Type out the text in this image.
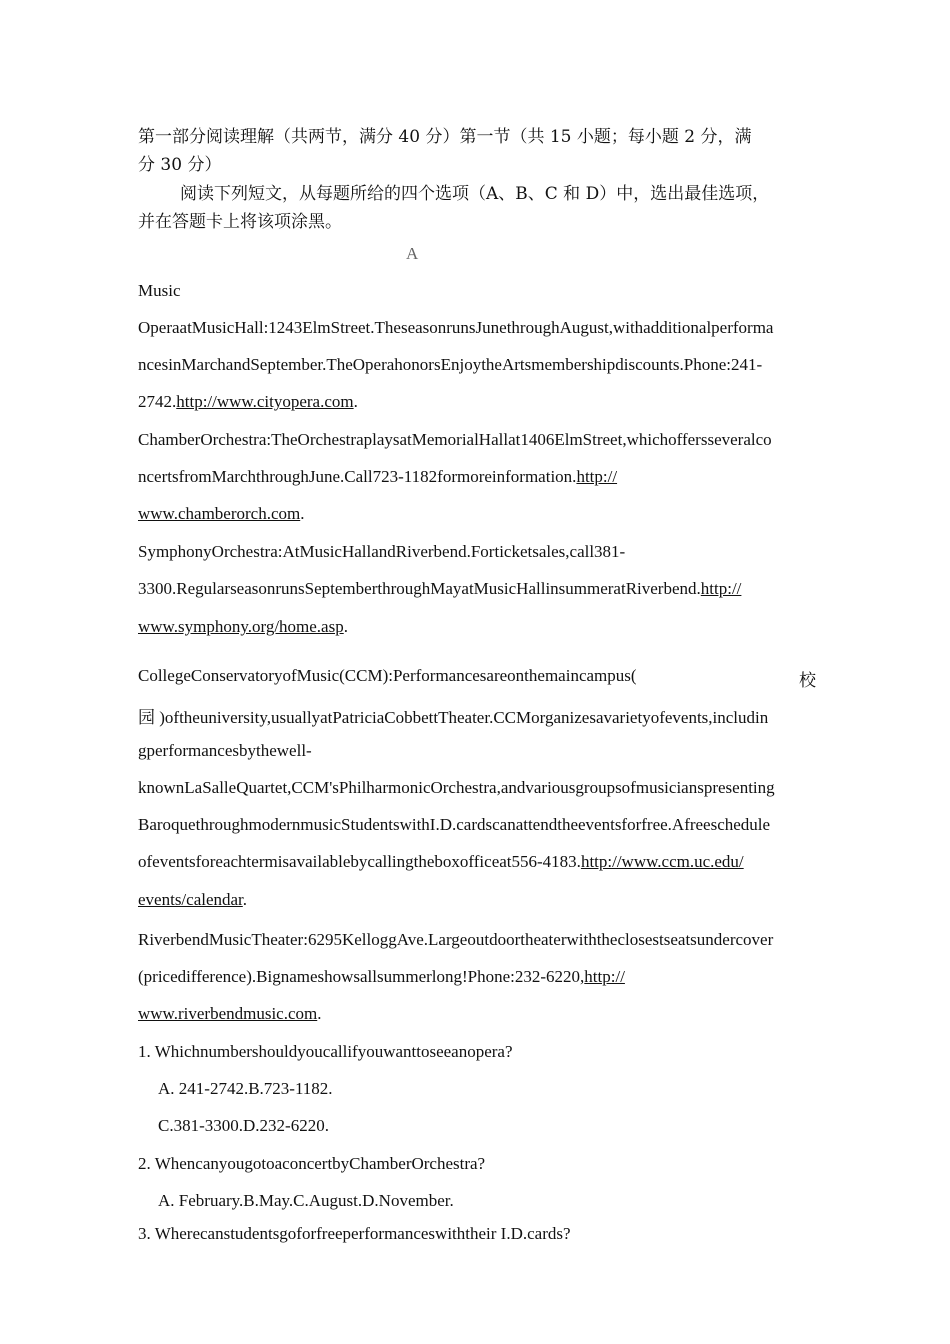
第一部分阅读理解（共两节，满分 40 分）第一节（共 15 小题；每小题 2 分，满
分 30 分）
阅读下列短文，从每题所给的四个选项（A、B、C 和 D）中，选出最佳选项，
并在答题卡上将该项涂黑。
A
Music
OperaatMusicHall:1243ElmStreet.TheseasonrunsJunethroughAugust,withadditionalperforma
ncesinMarchandSeptember.TheOperahonorsEnjoytheArtsmembershipdiscounts.Phone:241-
2742.http://www.cityopera.com.
ChamberOrchestra:TheOrchestraplaysatMemorialHallat1406ElmStreet,whichoffersseveralco
ncertsfromMarchthroughJune.Call723-1182formoreinformation.http://
www.chamberorch.com.
SymphonyOrchestra:AtMusicHallandRiverbend.Forticketsales,call381-
3300.RegularseasonrunsSeptemberthroughMayatMusicHallinsummeratRiverbend.http://
www.symphony.org/home.asp.
CollegeConservatoryofMusic(CCM):Performancesareonthemaincampus(	校
园 )oftheuniversity,usuallyatPatriciaCobbettTheater.CCMorganizesavarietyofevents,includin
gperformancesbythewell-
knownLaSalleQuartet,CCM'sPhilharmonicOrchestra,andvariousgroupsofmusicianspresenting
BaroquethroughmodernmusicStudentswithI.D.cardscanattendtheeventsforfree.Afreeschedule
ofeventsforeachtermisavailablebycallingtheboxofficeat556-4183.http://www.ccm.uc.edu/
events/calendar.
RiverbendMusicTheater:6295KelloggAve.Largeoutdoortheaterwiththeclosestseatsundercover
(pricedifference).Bignameshowsallsummerlong!Phone:232-6220,http://
www.riverbendmusic.com.
1. Whichnumbershouldyoucallifyouwanttoseeanopera?
A. 241-2742.B.723-1182.
C.381-3300.D.232-6220.
2. WhencanyougotoaconcertbyChamberOrchestra?
A. February.B.May.C.August.D.November.
3. Wherecanstudentsgoforfreeperformanceswiththeir I.D.cards?
